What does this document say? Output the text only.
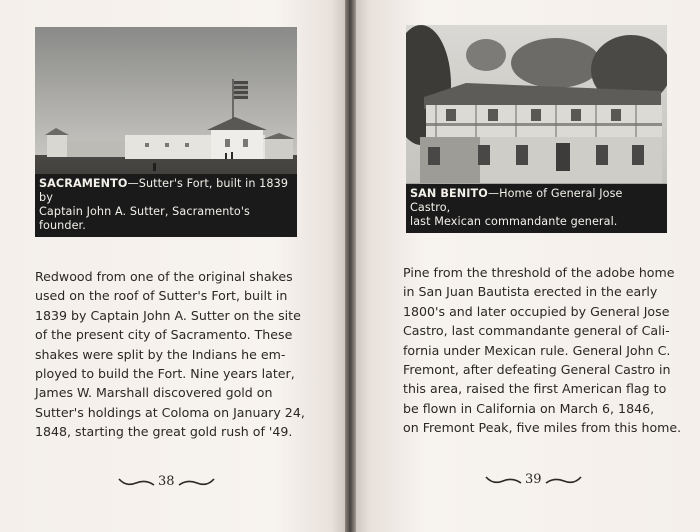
SACRAMENTO—Sutter's Fort, built in 1839 by
Captain John A. Sutter, Sacramento's founder.
Redwood from one of the original shakes
used on the roof of Sutter's Fort, built in
1839 by Captain John A. Sutter on the site
of the present city of Sacramento. These
shakes were split by the Indians he em-
ployed to build the Fort. Nine years later,
James W. Marshall discovered gold on
Sutter's holdings at Coloma on January 24,
1848, starting the great gold rush of '49.
38
SAN BENITO—Home of General Jose Castro,
last Mexican commandante general.
Pine from the threshold of the adobe home
in San Juan Bautista erected in the early
1800's and later occupied by General Jose
Castro, last commandante general of Cali-
fornia under Mexican rule. General John C.
Fremont, after defeating General Castro in
this area, raised the first American flag to
be flown in California on March 6, 1846,
on Fremont Peak, five miles from this home.
39
